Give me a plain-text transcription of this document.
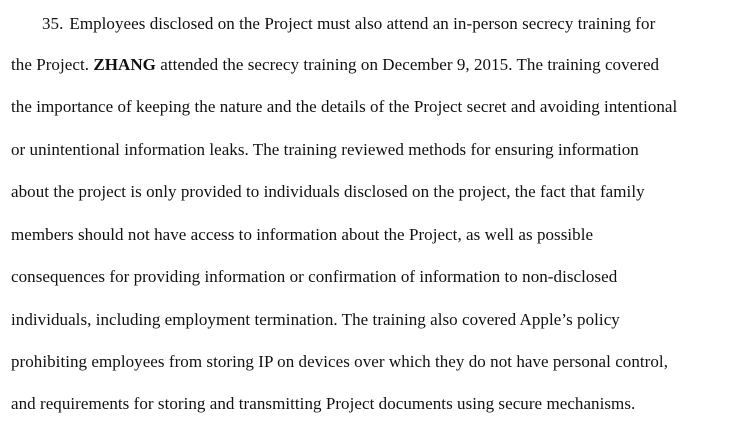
35. Employees disclosed on the Project must also attend an in-person secrecy training for
the Project. ZHANG attended the secrecy training on December 9, 2015. The training covered
the importance of keeping the nature and the details of the Project secret and avoiding intentional
or unintentional information leaks. The training reviewed methods for ensuring information
about the project is only provided to individuals disclosed on the project, the fact that family
members should not have access to information about the Project, as well as possible
consequences for providing information or confirmation of information to non-disclosed
individuals, including employment termination. The training also covered Apple’s policy
prohibiting employees from storing IP on devices over which they do not have personal control,
and requirements for storing and transmitting Project documents using secure mechanisms.
